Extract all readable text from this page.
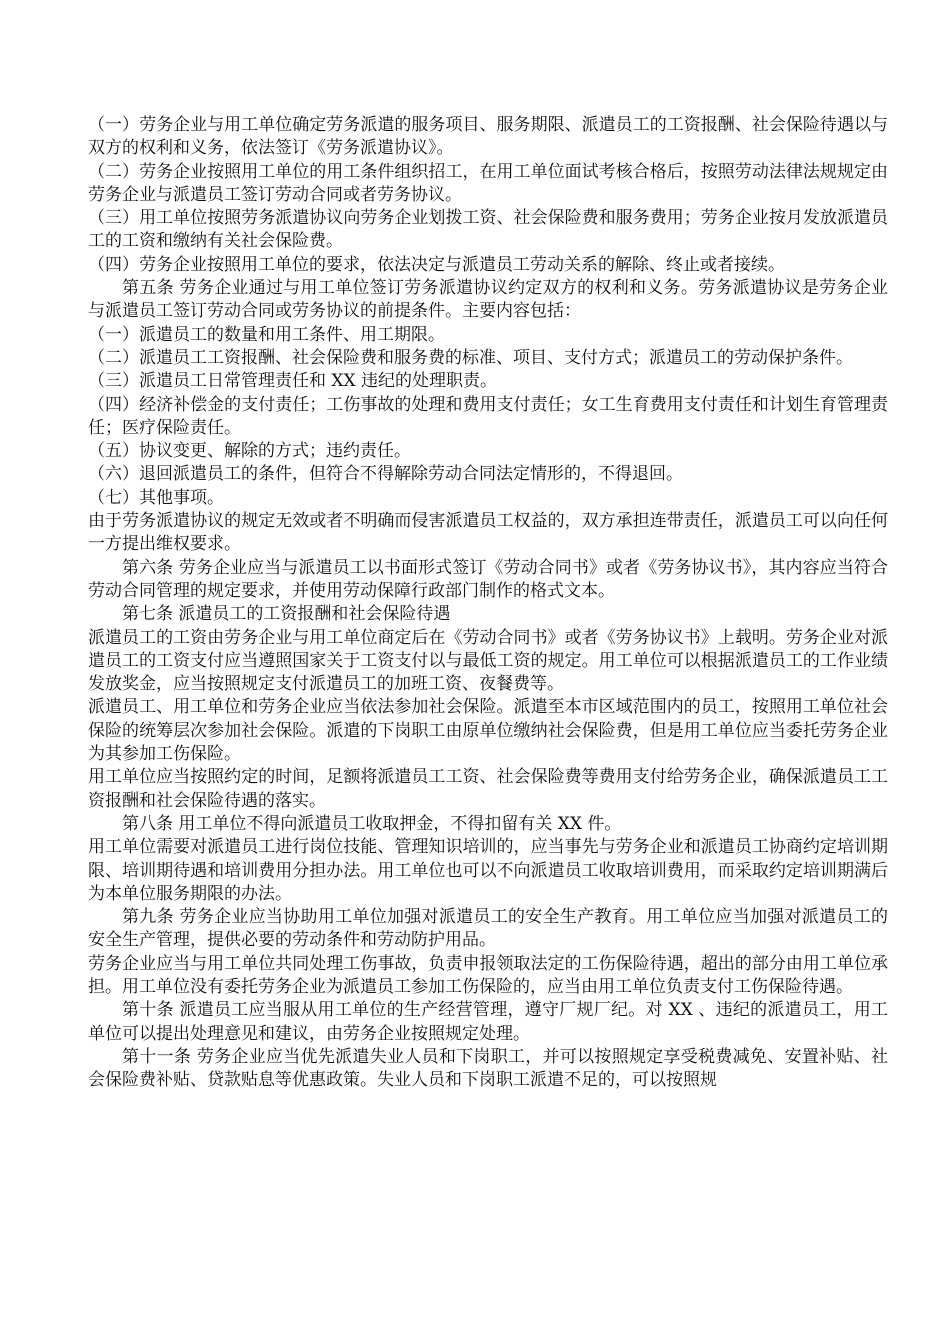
（一）劳务企业与用工单位确定劳务派遣的服务项目、服务期限、派遣员工的工资报酬、社会保险待遇以与双方的权利和义务，依法签订《劳务派遣协议》。

（二）劳务企业按照用工单位的用工条件组织招工，在用工单位面试考核合格后，按照劳动法律法规规定由劳务企业与派遣员工签订劳动合同或者劳务协议。

（三）用工单位按照劳务派遣协议向劳务企业划拨工资、社会保险费和服务费用；劳务企业按月发放派遣员工的工资和缴纳有关社会保险费。

（四）劳务企业按照用工单位的要求，依法决定与派遣员工劳动关系的解除、终止或者接续。

第五条 劳务企业通过与用工单位签订劳务派遣协议约定双方的权利和义务。劳务派遣协议是劳务企业与派遣员工签订劳动合同或劳务协议的前提条件。主要内容包括：

（一）派遣员工的数量和用工条件、用工期限。

（二）派遣员工工资报酬、社会保险费和服务费的标准、项目、支付方式；派遣员工的劳动保护条件。

（三）派遣员工日常管理责任和 XX 违纪的处理职责。

（四）经济补偿金的支付责任；工伤事故的处理和费用支付责任；女工生育费用支付责任和计划生育管理责任；医疗保险责任。

（五）协议变更、解除的方式；违约责任。

（六）退回派遣员工的条件，但符合不得解除劳动合同法定情形的，不得退回。

（七）其他事项。

由于劳务派遣协议的规定无效或者不明确而侵害派遣员工权益的，双方承担连带责任，派遣员工可以向任何一方提出维权要求。

第六条 劳务企业应当与派遣员工以书面形式签订《劳动合同书》或者《劳务协议书》，其内容应当符合劳动合同管理的规定要求，并使用劳动保障行政部门制作的格式文本。

第七条 派遣员工的工资报酬和社会保险待遇

派遣员工的工资由劳务企业与用工单位商定后在《劳动合同书》或者《劳务协议书》上载明。劳务企业对派遣员工的工资支付应当遵照国家关于工资支付以与最低工资的规定。用工单位可以根据派遣员工的工作业绩发放奖金，应当按照规定支付派遣员工的加班工资、夜餐费等。

派遣员工、用工单位和劳务企业应当依法参加社会保险。派遣至本市区域范围内的员工，按照用工单位社会保险的统筹层次参加社会保险。派遣的下岗职工由原单位缴纳社会保险费，但是用工单位应当委托劳务企业为其参加工伤保险。

用工单位应当按照约定的时间，足额将派遣员工工资、社会保险费等费用支付给劳务企业，确保派遣员工工资报酬和社会保险待遇的落实。

第八条 用工单位不得向派遣员工收取押金，不得扣留有关 XX 件。

用工单位需要对派遣员工进行岗位技能、管理知识培训的，应当事先与劳务企业和派遣员工协商约定培训期限、培训期待遇和培训费用分担办法。用工单位也可以不向派遣员工收取培训费用，而采取约定培训期满后为本单位服务期限的办法。

第九条 劳务企业应当协助用工单位加强对派遣员工的安全生产教育。用工单位应当加强对派遣员工的安全生产管理，提供必要的劳动条件和劳动防护用品。

劳务企业应当与用工单位共同处理工伤事故，负责申报领取法定的工伤保险待遇，超出的部分由用工单位承担。用工单位没有委托劳务企业为派遣员工参加工伤保险的，应当由用工单位负责支付工伤保险待遇。

第十条 派遣员工应当服从用工单位的生产经营管理，遵守厂规厂纪。对 XX 、违纪的派遣员工，用工单位可以提出处理意见和建议，由劳务企业按照规定处理。

第十一条 劳务企业应当优先派遣失业人员和下岗职工，并可以按照规定享受税费减免、安置补贴、社会保险费补贴、贷款贴息等优惠政策。失业人员和下岗职工派遣不足的，可以按照规
